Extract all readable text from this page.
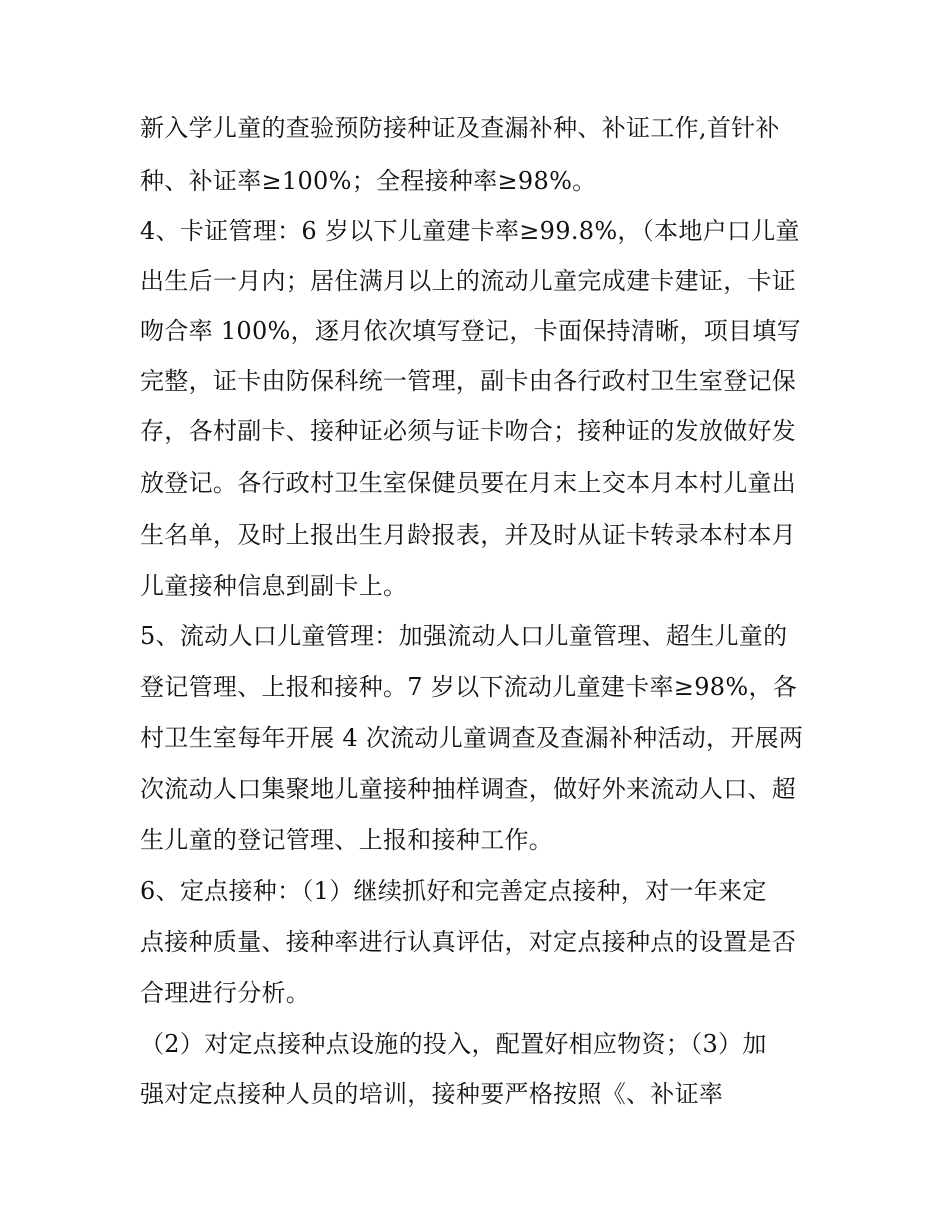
新入学儿童的查验预防接种证及查漏补种、补证工作,首针补
种、补证率≥100%；全程接种率≥98%。
4、卡证管理：6 岁以下儿童建卡率≥99.8%，（本地户口儿童
出生后一月内；居住满月以上的流动儿童完成建卡建证，卡证
吻合率 100%，逐月依次填写登记，卡面保持清晰，项目填写
完整，证卡由防保科统一管理，副卡由各行政村卫生室登记保
存，各村副卡、接种证必须与证卡吻合；接种证的发放做好发
放登记。各行政村卫生室保健员要在月末上交本月本村儿童出
生名单，及时上报出生月龄报表，并及时从证卡转录本村本月
儿童接种信息到副卡上。
5、流动人口儿童管理：加强流动人口儿童管理、超生儿童的
登记管理、上报和接种。7 岁以下流动儿童建卡率≥98%，各
村卫生室每年开展 4 次流动儿童调查及查漏补种活动，开展两
次流动人口集聚地儿童接种抽样调查，做好外来流动人口、超
生儿童的登记管理、上报和接种工作。
6、定点接种：（1）继续抓好和完善定点接种，对一年来定
点接种质量、接种率进行认真评估，对定点接种点的设置是否
合理进行分析。
（2）对定点接种点设施的投入，配置好相应物资；（3）加
强对定点接种人员的培训，接种要严格按照《、补证率
